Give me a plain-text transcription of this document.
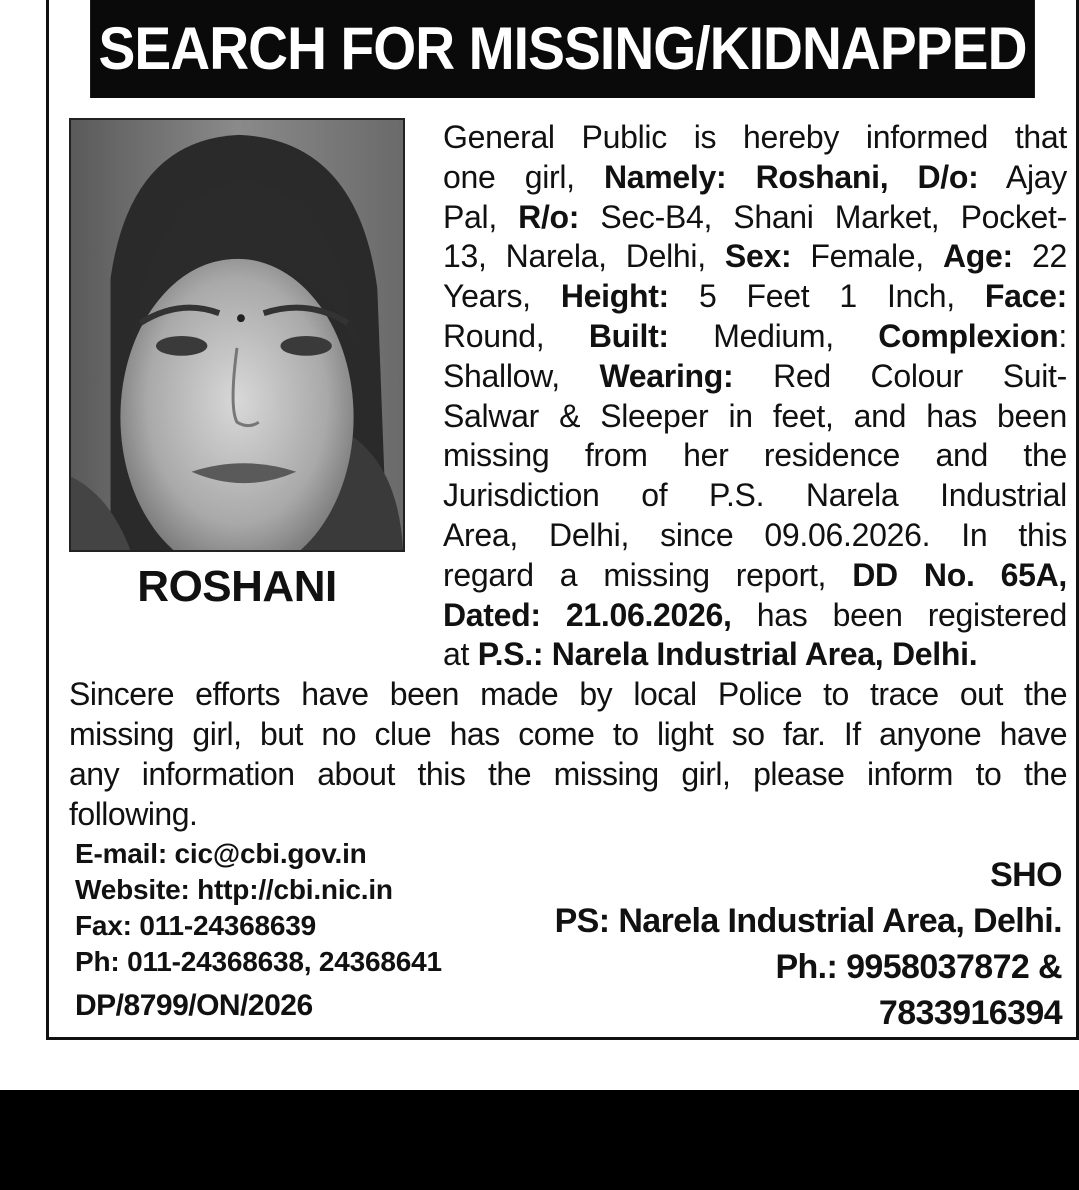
SEARCH FOR MISSING/KIDNAPPED
ROSHANI
General Public is hereby informed that
one girl, Namely: Roshani, D/o: Ajay
Pal, R/o: Sec-B4, Shani Market, Pocket-
13, Narela, Delhi, Sex: Female, Age: 22
Years, Height: 5 Feet 1 Inch, Face:
Round, Built: Medium, Complexion:
Shallow, Wearing: Red Colour Suit-
Salwar & Sleeper in feet, and has been
missing from her residence and the
Jurisdiction of P.S. Narela Industrial
Area, Delhi, since 09.06.2026. In this
regard a missing report, DD No. 65A,
Dated: 21.06.2026, has been registered
at P.S.: Narela Industrial Area, Delhi.
Sincere efforts have been made by local Police to trace out the
missing girl, but no clue has come to light so far. If anyone have
any information about this the missing girl, please inform to the
following.
E-mail: cic@cbi.gov.in
Website: http://cbi.nic.in
Fax: 011-24368639
Ph: 011-24368638, 24368641
DP/8799/ON/2026
SHO
PS: Narela Industrial Area, Delhi.
Ph.: 9958037872 &
7833916394
